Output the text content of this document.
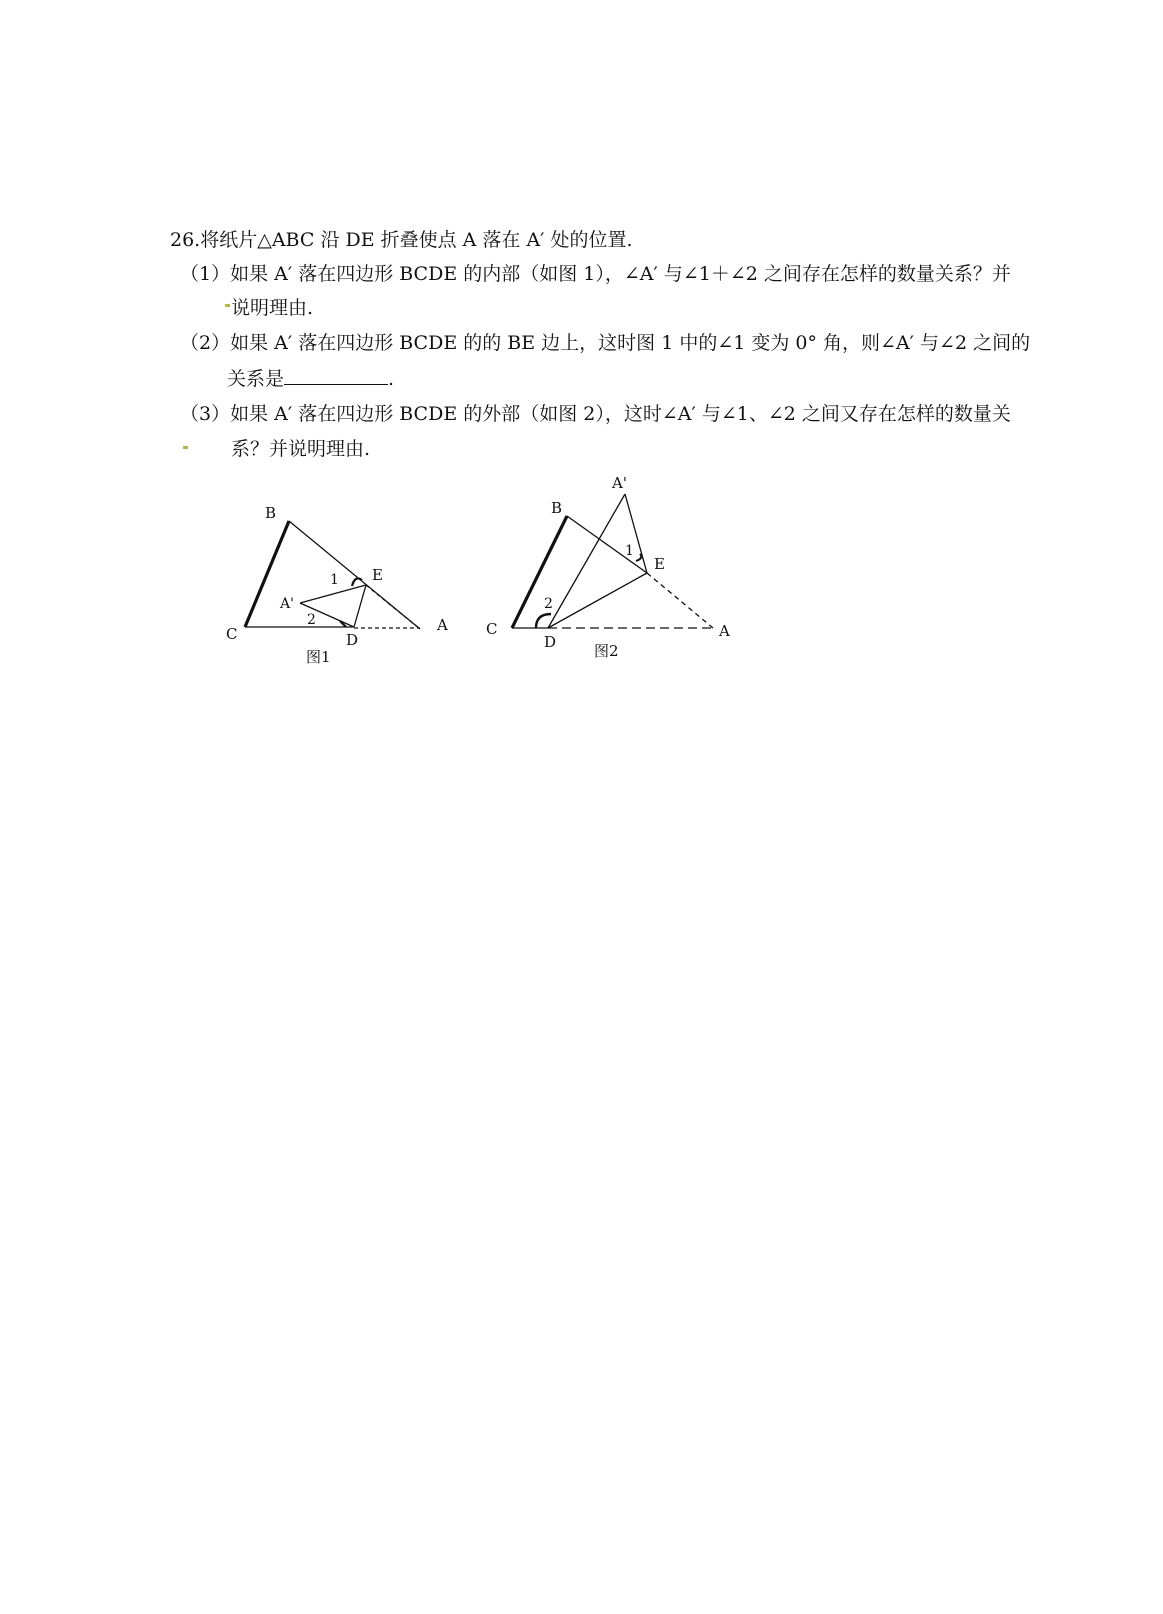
26.将纸片△ABC 沿 DE 折叠使点 A 落在 A′ 处的位置.
（1）如果 A′ 落在四边形 BCDE 的内部（如图 1），∠A′ 与∠1＋∠2 之间存在怎样的数量关系？并
说明理由.
（2）如果 A′ 落在四边形 BCDE 的的 BE 边上，这时图 1 中的∠1 变为 0° 角，则∠A′ 与∠2 之间的
关系是	.
（3）如果 A′ 落在四边形 BCDE 的外部（如图 2），这时∠A′ 与∠1、∠2 之间又存在怎样的数量关
系？并说明理由.
B
C	D
E
A
A'
1
2
图1
A'
B
E
1
2
C
D
A
图2
